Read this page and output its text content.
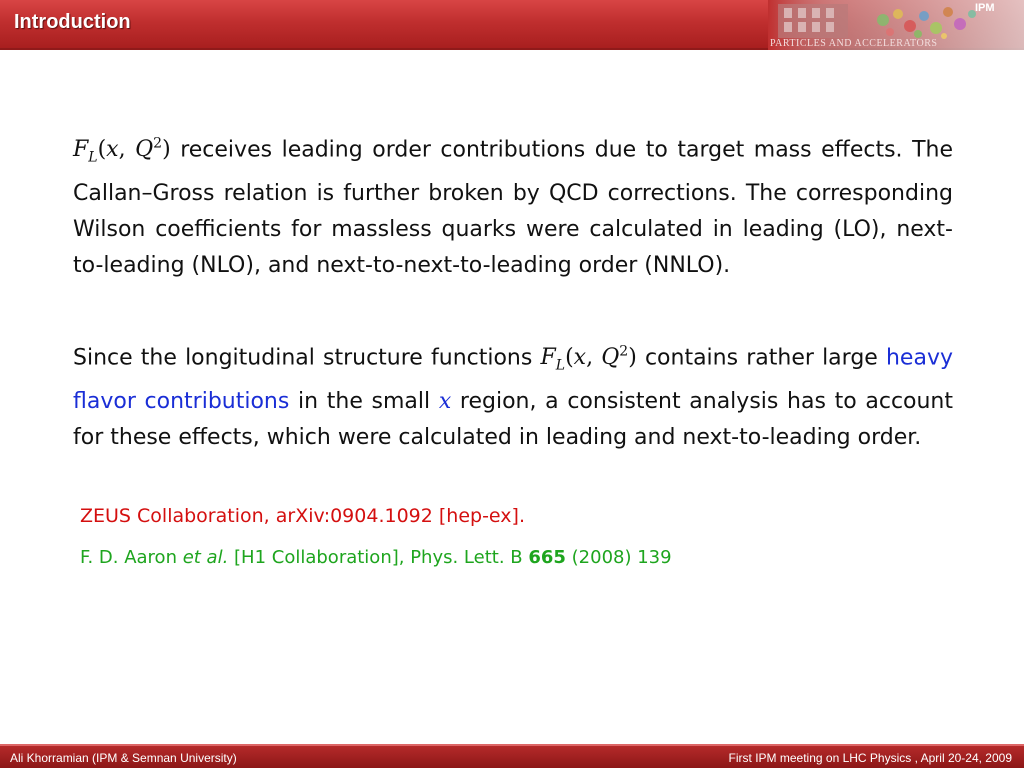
Introduction
PARTICLES AND ACCELERATORS
IPM
$F_L(x$, $Q^2$) receives leading order contributions due to target mass effects. The Callan–Gross relation is further broken by QCD corrections. The corresponding Wilson coefficients for massless quarks were calculated in leading (LO), next-to-leading (NLO), and next-to-next-to-leading order (NNLO).
Since the longitudinal structure functions $F_L(x$, $Q^2$) contains rather large heavy flavor contributions in the small x region, a consistent analysis has to account for these effects, which were calculated in leading and next-to-leading order.
ZEUS Collaboration, arXiv:0904.1092 [hep-ex].
F. D. Aaron et al. [H1 Collaboration], Phys. Lett. B 665 (2008) 139
Ali Khorramian (IPM & Semnan University)	First IPM meeting on LHC Physics , April 20-24, 2009
